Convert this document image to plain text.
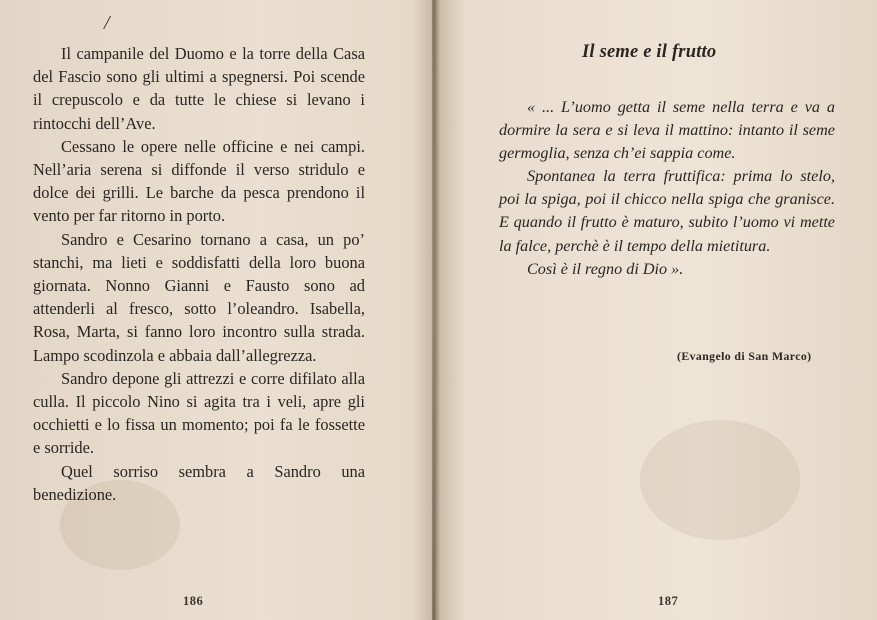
/

Il campanile del Duomo e la torre della Casa del Fascio sono gli ultimi a spegnersi. Poi scende il crepuscolo e da tutte le chiese si levano i rintocchi dell’Ave.

Cessano le opere nelle officine e nei campi. Nell’aria serena si diffonde il verso stridulo e dolce dei grilli. Le barche da pesca prendono il vento per far ritorno in porto.

Sandro e Cesarino tornano a casa, un po’ stanchi, ma lieti e soddisfatti della loro buona giornata. Nonno Gianni e Fausto sono ad attenderli al fresco, sotto l’oleandro. Isabella, Rosa, Marta, si fanno loro incontro sulla strada. Lampo scodinzola e abbaia dall’allegrezza.

Sandro depone gli attrezzi e corre difilato alla culla. Il piccolo Nino si agita tra i veli, apre gli occhietti e lo fissa un momento; poi fa le fossette e sorride.

Quel sorriso sembra a Sandro una benedizione.

186
Il seme e il frutto

« ... L’uomo getta il seme nella terra e va a dormire la sera e si leva il mattino: intanto il seme germoglia, senza ch’ei sappia come.

Spontanea la terra fruttifica: prima lo stelo, poi la spiga, poi il chicco nella spiga che granisce. E quando il frutto è maturo, subito l’uomo vi mette la falce, perchè è il tempo della mietitura.

Così è il regno di Dio ».

(Evangelo di San Marco)
187
